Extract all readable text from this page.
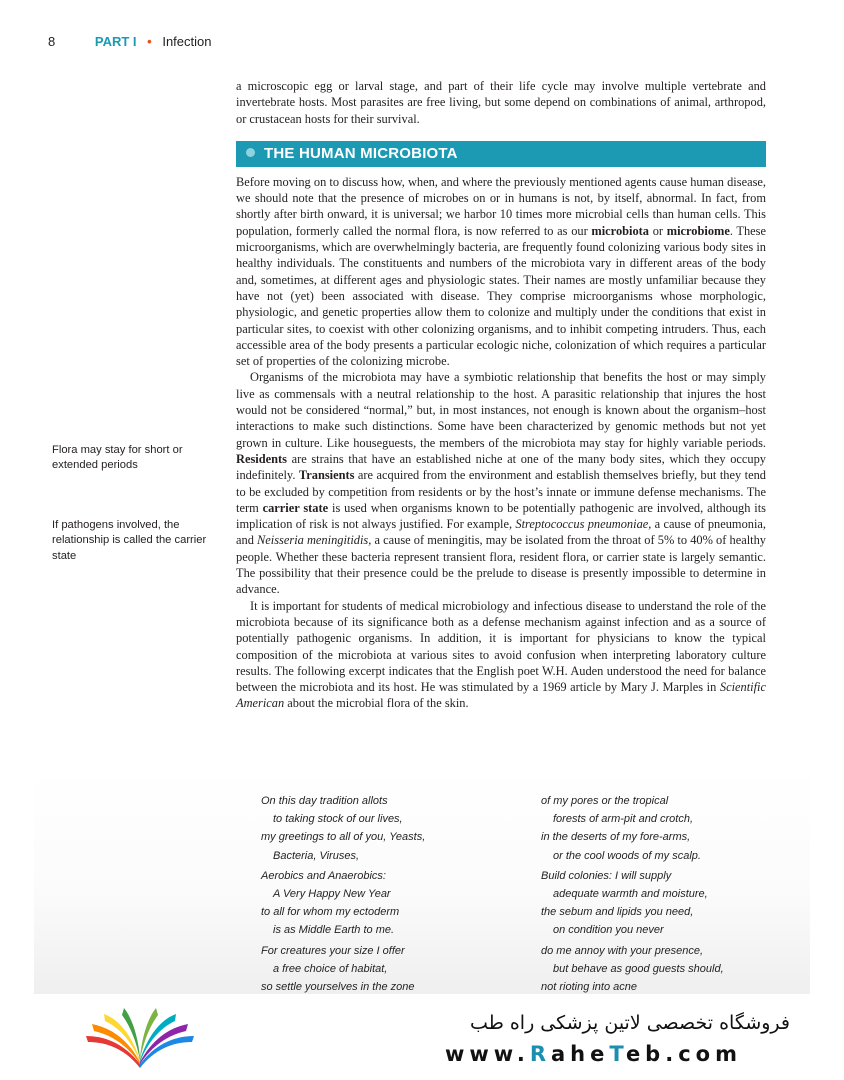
8	PART I • Infection

a microscopic egg or larval stage, and part of their life cycle may involve multiple vertebrate and invertebrate hosts. Most parasites are free living, but some depend on combinations of animal, arthropod, or crustacean hosts for their survival.

THE HUMAN MICROBIOTA

Before moving on to discuss how, when, and where the previously mentioned agents cause human disease, we should note that the presence of microbes on or in humans is not, by itself, abnormal. In fact, from shortly after birth onward, it is universal; we harbor 10 times more microbial cells than human cells. This population, formerly called the normal flora, is now referred to as our microbiota or microbiome. These microorganisms, which are overwhelmingly bacteria, are frequently found colonizing various body sites in healthy individuals. The constituents and numbers of the microbiota vary in different areas of the body and, sometimes, at different ages and physiologic states. Their names are mostly unfamiliar because they have not (yet) been associated with disease. They comprise microorganisms whose morphologic, physiologic, and genetic properties allow them to colonize and multiply under the conditions that exist in particular sites, to coexist with other colonizing organisms, and to inhibit competing intruders. Thus, each accessible area of the body presents a particular ecologic niche, colonization of which requires a particular set of properties of the colonizing microbe.

Organisms of the microbiota may have a symbiotic relationship that benefits the host or may simply live as commensals with a neutral relationship to the host. A parasitic relationship that injures the host would not be considered “normal,” but, in most instances, not enough is known about the organism–host interactions to make such distinctions. Some have been characterized by genomic methods but not yet grown in culture. Like houseguests, the members of the microbiota may stay for highly variable periods. Residents are strains that have an established niche at one of the many body sites, which they occupy indefinitely. Transients are acquired from the environment and establish themselves briefly, but they tend to be excluded by competition from residents or by the host’s innate or immune defense mechanisms. The term carrier state is used when organisms known to be potentially pathogenic are involved, although its implication of risk is not always justified. For example, Streptococcus pneumoniae, a cause of pneumonia, and Neisseria meningitidis, a cause of meningitis, may be isolated from the throat of 5% to 40% of healthy people. Whether these bacteria represent transient flora, resident flora, or carrier state is largely semantic. The possibility that their presence could be the prelude to disease is presently impossible to determine in advance.

It is important for students of medical microbiology and infectious disease to understand the role of the microbiota because of its significance both as a defense mechanism against infection and as a source of potentially pathogenic organisms. In addition, it is important for physicians to know the typical composition of the microbiota at various sites to avoid confusion when interpreting laboratory culture results. The following excerpt indicates that the English poet W.H. Auden understood the need for balance between the microbiota and its host. He was stimulated by a 1969 article by Mary J. Marples in Scientific American about the microbial flora of the skin.

Flora may stay for short or extended periods
If pathogens involved, the relationship is called the carrier state
On this day tradition allots
to taking stock of our lives,
my greetings to all of you, Yeasts,
Bacteria, Viruses,
Aerobics and Anaerobics:
A Very Happy New Year
to all for whom my ectoderm
is as Middle Earth to me.
For creatures your size I offer
a free choice of habitat,
so settle yourselves in the zone
of my pores or the tropical
forests of arm-pit and crotch,
in the deserts of my fore-arms,
or the cool woods of my scalp.
Build colonies: I will supply
adequate warmth and moisture,
the sebum and lipids you need,
on condition you never
do me annoy with your presence,
but behave as good guests should,
not rioting into acne
فروشگاه تخصصی لاتین پزشکی راه طب
www.RaheTeb.com
